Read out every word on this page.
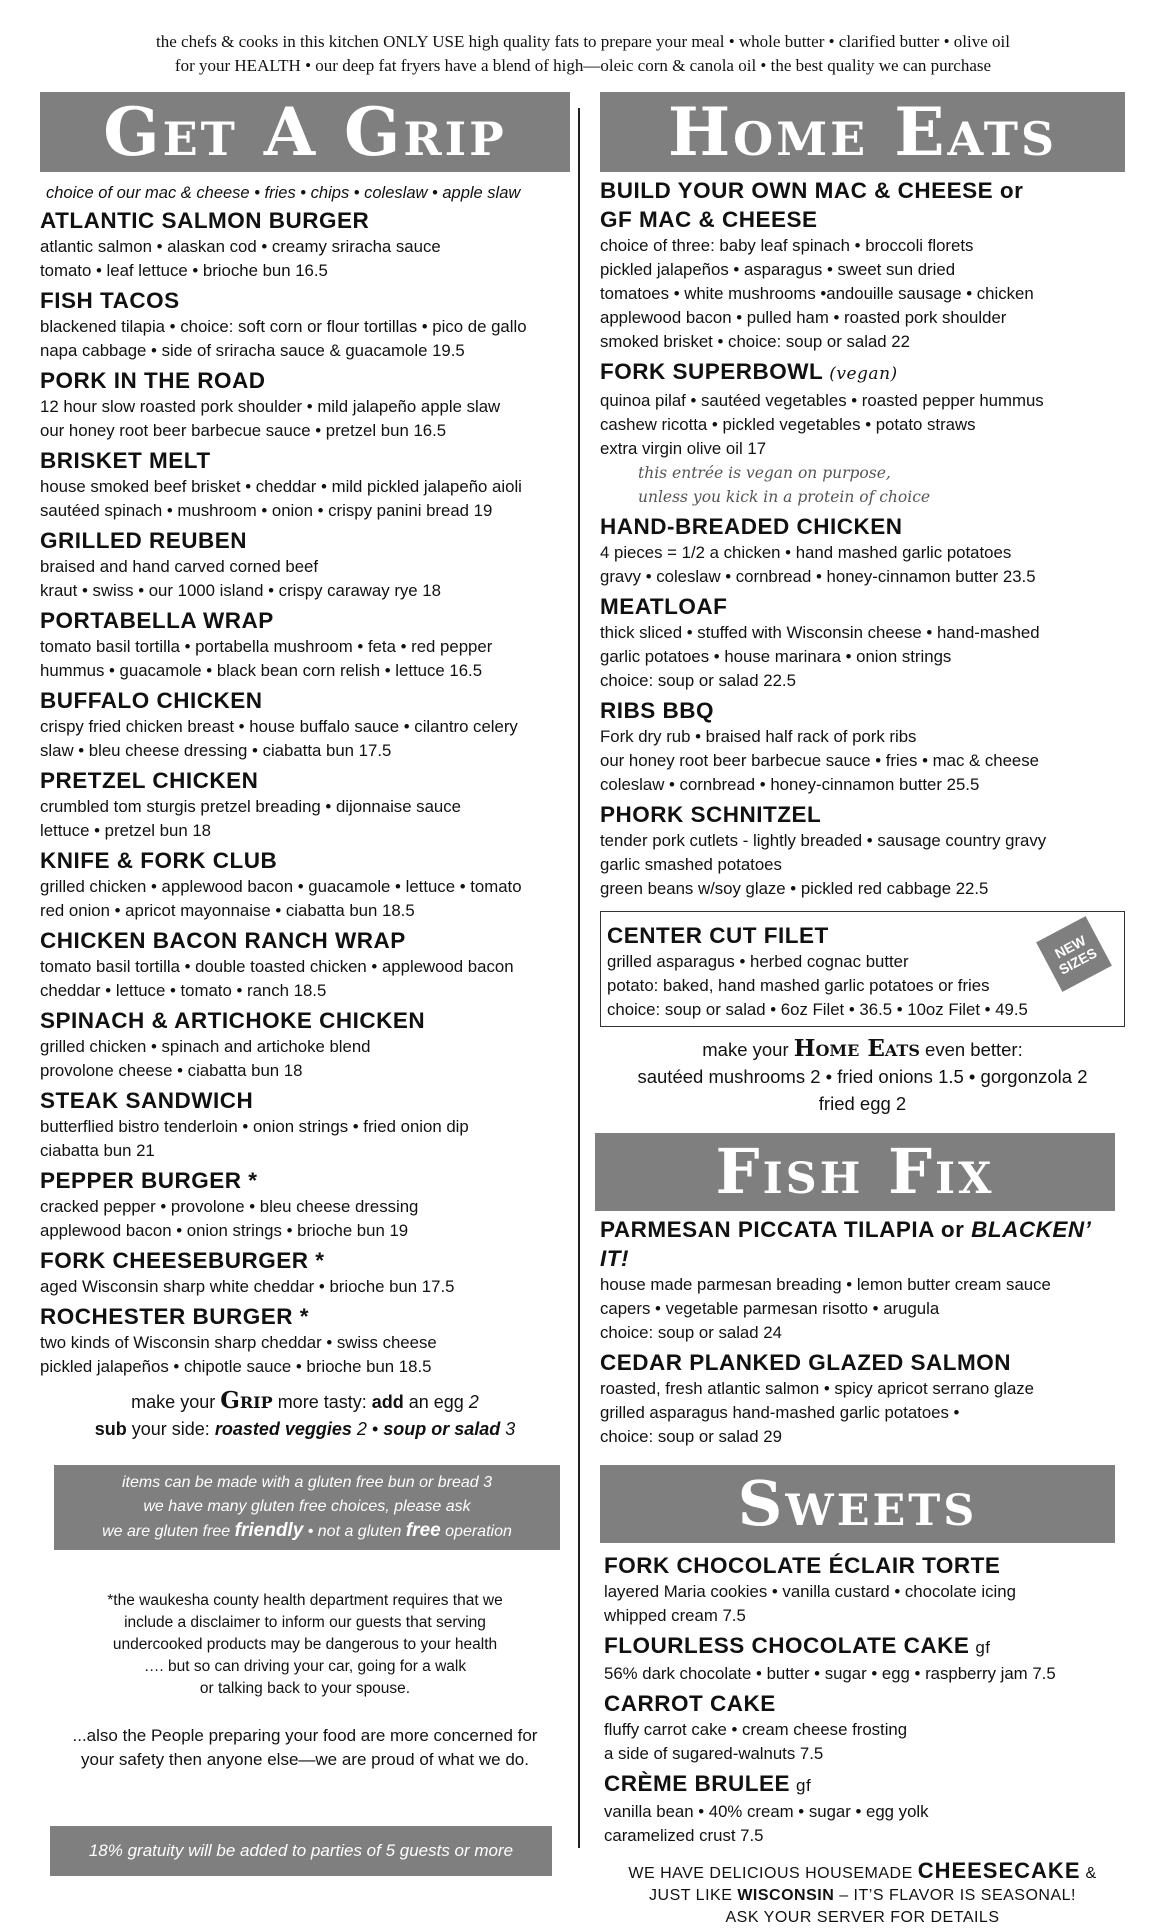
the chefs & cooks in this kitchen ONLY USE high quality fats to prepare your meal • whole butter • clarified butter • olive oil
for your HEALTH • our deep fat fryers have a blend of high—oleic corn & canola oil • the best quality we can purchase
Get A Grip
choice of our mac & cheese • fries • chips • coleslaw • apple slaw
ATLANTIC SALMON BURGER
atlantic salmon • alaskan cod • creamy sriracha sauce
tomato • leaf lettuce • brioche bun 16.5
FISH TACOS
blackened tilapia • choice: soft corn or flour tortillas • pico de gallo
napa cabbage • side of sriracha sauce & guacamole 19.5
PORK IN THE ROAD
12 hour slow roasted pork shoulder • mild jalapeño apple slaw
our honey root beer barbecue sauce • pretzel bun 16.5
BRISKET MELT
house smoked beef brisket • cheddar • mild pickled jalapeño aioli
sautéed spinach • mushroom • onion • crispy panini bread 19
GRILLED REUBEN
braised and hand carved corned beef
kraut • swiss • our 1000 island • crispy caraway rye 18
PORTABELLA WRAP
tomato basil tortilla • portabella mushroom • feta • red pepper
hummus • guacamole • black bean corn relish • lettuce 16.5
BUFFALO CHICKEN
crispy fried chicken breast • house buffalo sauce • cilantro celery
slaw • bleu cheese dressing • ciabatta bun 17.5
PRETZEL CHICKEN
crumbled tom sturgis pretzel breading • dijonnaise sauce
lettuce • pretzel bun 18
KNIFE & FORK CLUB
grilled chicken • applewood bacon • guacamole • lettuce • tomato
red onion • apricot mayonnaise • ciabatta bun 18.5
CHICKEN BACON RANCH WRAP
tomato basil tortilla • double toasted chicken • applewood bacon
cheddar • lettuce • tomato • ranch 18.5
SPINACH & ARTICHOKE CHICKEN
grilled chicken • spinach and artichoke blend
provolone cheese • ciabatta bun 18
STEAK SANDWICH
butterflied bistro tenderloin • onion strings • fried onion dip
ciabatta bun 21
PEPPER BURGER *
cracked pepper • provolone • bleu cheese dressing
applewood bacon • onion strings • brioche bun 19
FORK CHEESEBURGER *
aged Wisconsin sharp white cheddar • brioche bun 17.5
ROCHESTER BURGER *
two kinds of Wisconsin sharp cheddar • swiss cheese
pickled jalapeños • chipotle sauce • brioche bun 18.5
make your Grip more tasty: add an egg 2
sub your side: roasted veggies 2 • soup or salad 3
items can be made with a gluten free bun or bread 3
we have many gluten free choices, please ask
we are gluten free friendly • not a gluten free operation

*the waukesha county health department requires that we
include a disclaimer to inform our guests that serving
undercooked products may be dangerous to your health
…. but so can driving your car, going for a walk
or talking back to your spouse.

...also the People preparing your food are more concerned for
your safety then anyone else—we are proud of what we do.

18% gratuity will be added to parties of 5 guests or more
Home Eats
BUILD YOUR OWN MAC & CHEESE or
GF MAC & CHEESE
choice of three: baby leaf spinach • broccoli florets
pickled jalapeños • asparagus • sweet sun dried
tomatoes • white mushrooms •andouille sausage • chicken
applewood bacon • pulled ham • roasted pork shoulder
smoked brisket • choice: soup or salad 22
FORK SUPERBOWL (vegan)
quinoa pilaf • sautéed vegetables • roasted pepper hummus
cashew ricotta • pickled vegetables • potato straws
extra virgin olive oil 17
this entrée is vegan on purpose,
unless you kick in a protein of choice
HAND-BREADED CHICKEN
4 pieces = 1/2 a chicken • hand mashed garlic potatoes
gravy • coleslaw • cornbread • honey-cinnamon butter 23.5
MEATLOAF
thick sliced • stuffed with Wisconsin cheese • hand-mashed
garlic potatoes • house marinara • onion strings
choice: soup or salad 22.5
RIBS BBQ
Fork dry rub • braised half rack of pork ribs
our honey root beer barbecue sauce • fries • mac & cheese
coleslaw • cornbread • honey-cinnamon butter 25.5
PHORK SCHNITZEL
tender pork cutlets - lightly breaded • sausage country gravy
garlic smashed potatoes
green beans w/soy glaze • pickled red cabbage 22.5
CENTER CUT FILET
grilled asparagus • herbed cognac butter
potato: baked, hand mashed garlic potatoes or fries
choice: soup or salad • 6oz Filet • 36.5 • 10oz Filet • 49.5
NEW
SIZES
make your Home Eats even better:
sautéed mushrooms 2 • fried onions 1.5 • gorgonzola 2
fried egg 2
Fish Fix
PARMESAN PICCATA TILAPIA or BLACKEN’ IT!
house made parmesan breading • lemon butter cream sauce
capers • vegetable parmesan risotto • arugula
choice: soup or salad 24
CEDAR PLANKED GLAZED SALMON
roasted, fresh atlantic salmon • spicy apricot serrano glaze
grilled asparagus hand-mashed garlic potatoes •
choice: soup or salad 29
Sweets
FORK CHOCOLATE ÉCLAIR TORTE
layered Maria cookies • vanilla custard • chocolate icing
whipped cream 7.5
FLOURLESS CHOCOLATE CAKE gf
56% dark chocolate • butter • sugar • egg • raspberry jam 7.5
CARROT CAKE
fluffy carrot cake • cream cheese frosting
a side of sugared-walnuts 7.5
CRÈME BRULEE gf
vanilla bean • 40% cream • sugar • egg yolk
caramelized crust 7.5
WE HAVE DELICIOUS HOUSEMADE CHEESECAKE &
JUST LIKE WISCONSIN – IT’S FLAVOR IS SEASONAL!
ASK YOUR SERVER FOR DETAILS
